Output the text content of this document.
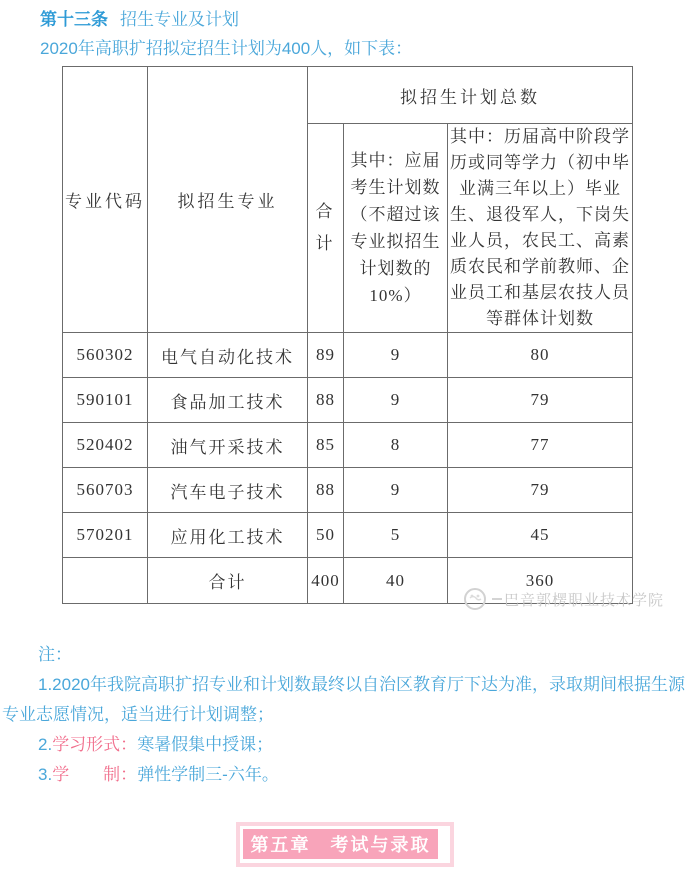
第十三条 招生专业及计划

2020年高职扩招拟定招生计划为400人，如下表：

专业代码	拟招生专业	拟招生计划总数		
		合计	其中：应届考生计划数（不超过该专业拟招生计划数的10%）	其中：历届高中阶段学历或同等学力（初中毕业满三年以上）毕业生、退役军人，下岗失业人员，农民工、高素质农民和学前教师、企业员工和基层农技人员等群体计划数
560302	电气自动化技术	89	9	80
590101	食品加工技术	88	9	79
520402	油气开采技术	85	8	77
560703	汽车电子技术	88	9	79
570201	应用化工技术	50	5	45
	合计	400	40	360
巴音郭楞职业技术学院

注：

1.2020年我院高职扩招专业和计划数最终以自治区教育厅下达为准，录取期间根据生源专业志愿情况，适当进行计划调整；

2.学习形式：寒暑假集中授课；

3.学　　制：弹性学制三-六年。

第五章　考试与录取
